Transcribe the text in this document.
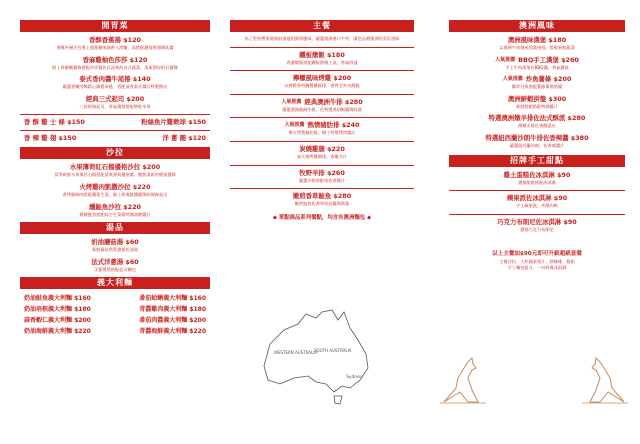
開胃菜
香酥香蕉捲 $120
香酥外層皮包裹上甜蕉糖來調香入滑嫩，再搭配濃郁香甜煉乳醬
香麻雞柚色莎莎 $120
鮮上香酥嫩雞條搭配莎莎醬佐以清爽的各式蔬菜，清新開胃的好選擇
泰式香肉醬牛尾捲 $140
嚴選香嫩肉類精心調製成捲，搭配清香泰式醬汁特製餅皮
經典三式起司 $200
三款經典起司，香氣濃郁搭配餅乾享用
香 酥 雞 士 條 $150	粉絲魚片雞軟球 $150
香 辣 雞 翅 $150	洋 蔥 圈 $120
沙拉
水果薄荷紅石榴優格沙拉 $200
當季新鮮水果與紅石榴搭配清爽薄荷優格醬，酸甜清新的健康選擇
火烤雞肉凱撒沙拉 $220
香烤雞胸肉搭配蘿蔓生菜，淋上經典凱撒醬與帕瑪森起司
燻鮭魚沙拉 $220
煙燻鮭魚搭配綜合生菜與特調油醋醬汁
湯品
奶油蘑菇湯 $60
新鮮蘑菇熬煮濃郁奶油湯
法式洋蔥湯 $60
洋蔥慢熬搭配起司麵包
義大利麵
奶油鮭魚義大利麵 $160	番茄蛤蜊義大利麵 $160
奶油培根義大利麵 $180	青醬雞肉義大利麵 $180
蒜香蝦仁義大利麵 $200	番茄肉醬義大利麵 $200
奶油海鮮義大利麵 $220	青醬海鮮義大利麵 $220
主餐
為了堅持帶來澳洲最道地的澳洲風味，嚴選澳洲進口牛肉，讓您品嚐澳洲的美好滋味
鐵板燉飯 $180
香濃燉飯搭配鐵板熱燒上桌，香氣四溢
檸檬風味烤雞 $200
以檸檬香料醃製雞腿排，香烤至外皮酥脆
人氣推薦 經典澳洲牛排 $280
嚴選澳洲穀飼牛排，佐特製黑胡椒醬與時蔬
人氣推薦 熱情豬肋排 $240
慢火烤製豬肋排，刷上特製烤肉醬汁
炭燒雞腿 $220
炭火燒烤雞腿排，香嫩多汁
牧野羊排 $260
嚴選羊排搭配迷迭香醬汁
嫩煎香草鮭魚 $280
嫩煎鮭魚佐香草奶油醬與時蔬
◆ 單點湯品系列餐點，均含有澳洲麵包 ◆
WESTERN AUSTRALIA
SOUTH AUSTRALIA
Sydney
澳洲風味
澳洲風味漢堡 $180
以澳洲牛肉製成的漢堡排，搭配新鮮蔬菜
人氣推薦 BBQ手工漢堡 $260
手工牛肉漢堡佐BBQ醬，香氣濃郁
人氣推薦 炸魚薯條 $200
酥炸白魚搭配薯條與塔塔醬
澳洲鮮蝦拼盤 $300
新鮮鮮蝦搭配特調醬汁
特選澳洲燉羊排佐法式酥派 $280
慢燉羊排佐香酥派皮
特選紐西蘭沙朗牛排佐香辣醬 $380
嚴選紐西蘭沙朗，佐香辣醬汁
招牌手工甜點
雞土蛋糕佐冰淇淋 $90
濃郁甜點搭配冰淇淋
蘋果派佐冰淇淋 $90
手工蘋果派，外酥內軟
巧克力布朗尼佐冰淇淋 $90
濃郁巧克力布朗尼
以上主餐加$90元即可升級超級套餐
主餐沙拉、大杯蔬果果汁、熱咖啡、甜點
手工麵包組合、一份經典冰淇淋
